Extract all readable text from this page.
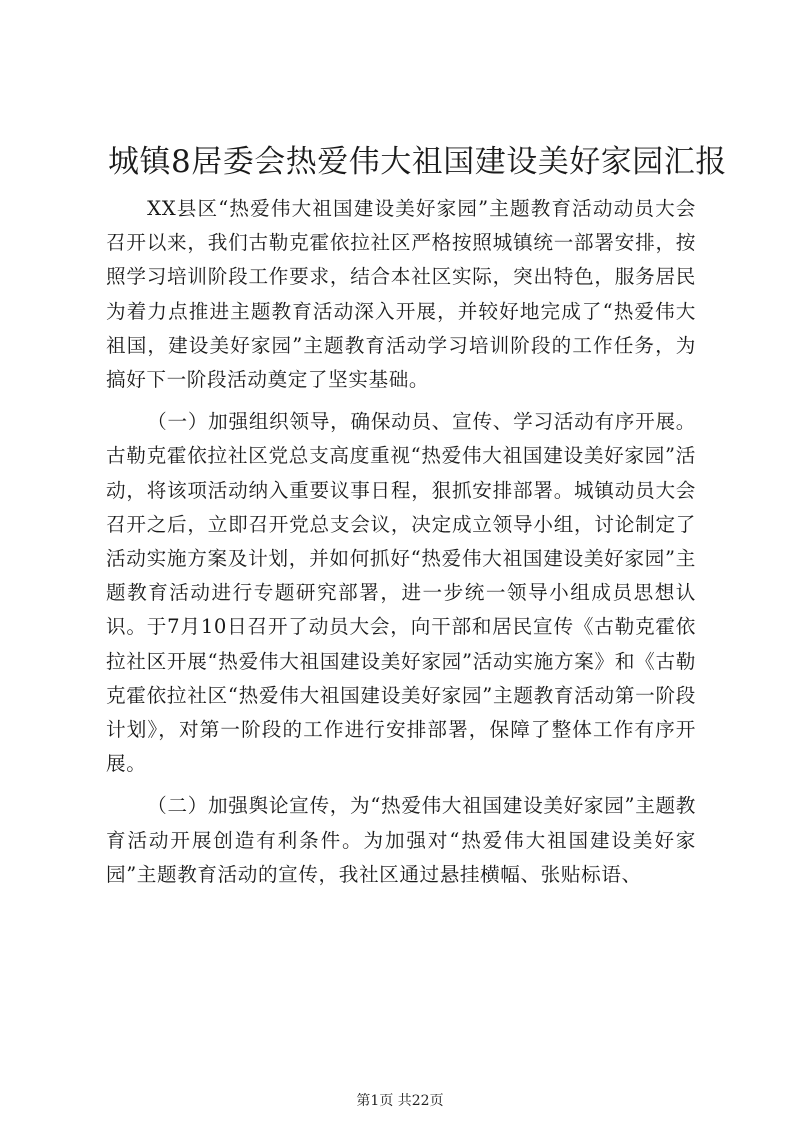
城镇8居委会热爱伟大祖国建设美好家园汇报

XX县区“热爱伟大祖国建设美好家园”主题教育活动动员大会召开以来，我们古勒克霍依拉社区严格按照城镇统一部署安排，按照学习培训阶段工作要求，结合本社区实际，突出特色，服务居民为着力点推进主题教育活动深入开展，并较好地完成了“热爱伟大祖国，建设美好家园”主题教育活动学习培训阶段的工作任务，为搞好下一阶段活动奠定了坚实基础。

（一）加强组织领导，确保动员、宣传、学习活动有序开展。古勒克霍依拉社区党总支高度重视“热爱伟大祖国建设美好家园”活动，将该项活动纳入重要议事日程，狠抓安排部署。城镇动员大会召开之后，立即召开党总支会议，决定成立领导小组，讨论制定了活动实施方案及计划，并如何抓好“热爱伟大祖国建设美好家园”主题教育活动进行专题研究部署，进一步统一领导小组成员思想认识。于7月10日召开了动员大会，向干部和居民宣传《古勒克霍依拉社区开展“热爱伟大祖国建设美好家园”活动实施方案》和《古勒克霍依拉社区“热爱伟大祖国建设美好家园”主题教育活动第一阶段计划》，对第一阶段的工作进行安排部署，保障了整体工作有序开展。

（二）加强舆论宣传，为“热爱伟大祖国建设美好家园”主题教育活动开展创造有利条件。为加强对“热爱伟大祖国建设美好家园”主题教育活动的宣传，我社区通过悬挂横幅、张贴标语、

第1页 共22页
